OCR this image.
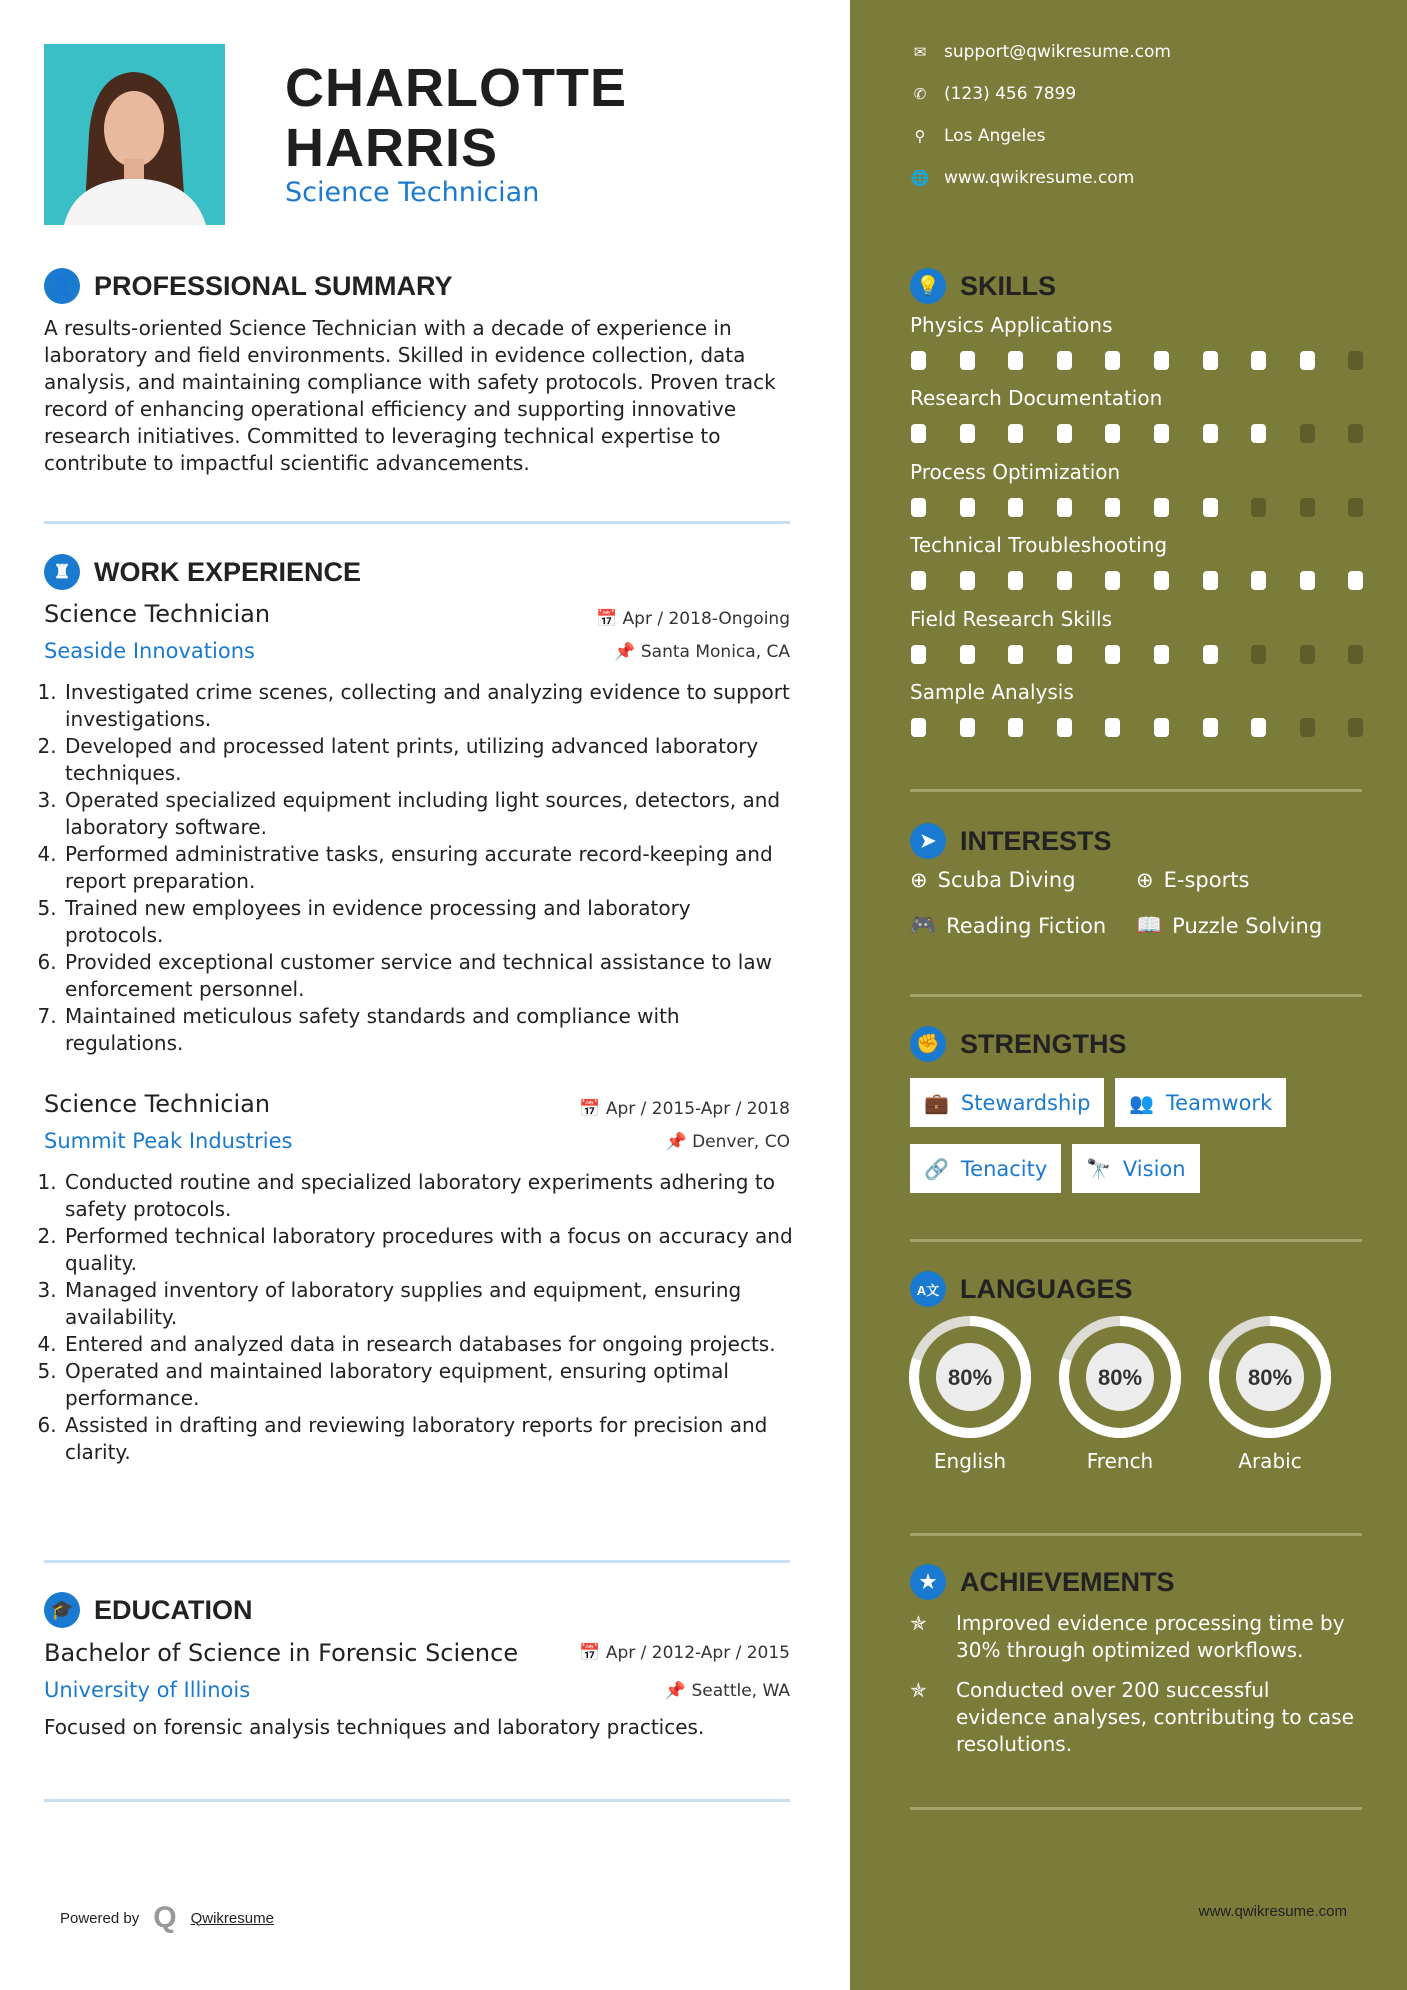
CHARLOTTE
HARRIS
Science Technician
👤 PROFESSIONAL SUMMARY
A results-oriented Science Technician with a decade of experience in laboratory and field environments. Skilled in evidence collection, data analysis, and maintaining compliance with safety protocols. Proven track record of enhancing operational efficiency and supporting innovative research initiatives. Committed to leveraging technical expertise to contribute to impactful scientific advancements.
♜ WORK EXPERIENCE
Science Technician
Seaside Innovations
📅 Apr / 2018-Ongoing
📌 Santa Monica, CA
1. Investigated crime scenes, collecting and analyzing evidence to support investigations.
2. Developed and processed latent prints, utilizing advanced laboratory techniques.
3. Operated specialized equipment including light sources, detectors, and laboratory software.
4. Performed administrative tasks, ensuring accurate record-keeping and report preparation.
5. Trained new employees in evidence processing and laboratory protocols.
6. Provided exceptional customer service and technical assistance to law enforcement personnel.
7. Maintained meticulous safety standards and compliance with regulations.
Science Technician
Summit Peak Industries
📅 Apr / 2015-Apr / 2018
📌 Denver, CO
1. Conducted routine and specialized laboratory experiments adhering to safety protocols.
2. Performed technical laboratory procedures with a focus on accuracy and quality.
3. Managed inventory of laboratory supplies and equipment, ensuring availability.
4. Entered and analyzed data in research databases for ongoing projects.
5. Operated and maintained laboratory equipment, ensuring optimal performance.
6. Assisted in drafting and reviewing laboratory reports for precision and clarity.
🎓 EDUCATION
Bachelor of Science in Forensic Science
University of Illinois
📅 Apr / 2012-Apr / 2015
📌 Seattle, WA
Focused on forensic analysis techniques and laboratory practices.
Powered by Q Qwikresume	www.qwikresume.com
✉ support@qwikresume.com
✆ (123) 456 7899
⚲ Los Angeles
🌐 www.qwikresume.com
💡 SKILLS
Physics Applications
Research Documentation
Process Optimization
Technical Troubleshooting
Field Research Skills
Sample Analysis
➤ INTERESTS
⊕ Scuba Diving	⊕ E-sports
🎮 Reading Fiction 📖 Puzzle Solving
✊ STRENGTHS
💼 Stewardship 👥 Teamwork
🔗 Tenacity 🔭 Vision
A文 LANGUAGES
80%
English
80%
French
80%
Arabic
★ ACHIEVEMENTS
✯	Improved evidence processing time by 30% through optimized workflows.
✯	Conducted over 200 successful evidence analyses, contributing to case resolutions.
